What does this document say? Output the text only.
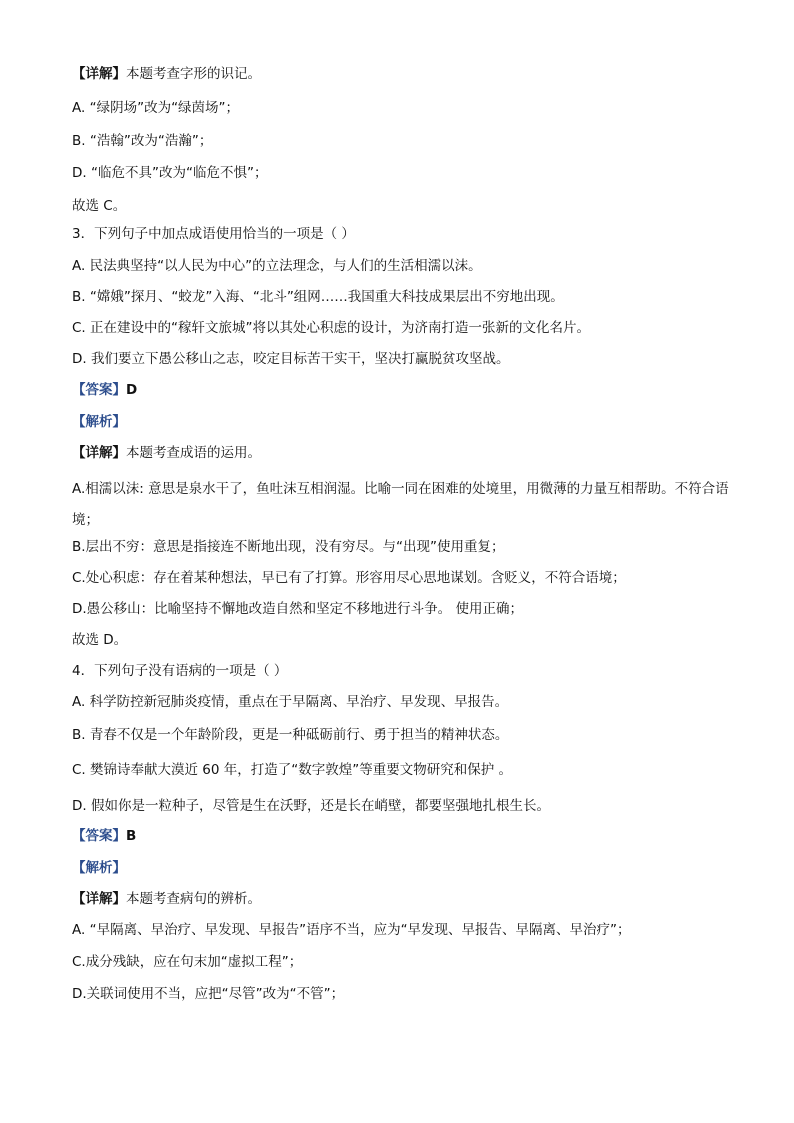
【详解】本题考查字形的识记。
A. “绿阴场”改为“绿茵场”；
B. “浩翰”改为“浩瀚”；
D. “临危不具”改为“临危不惧”；
故选 C。
3．下列句子中加点成语使用恰当的一项是（ ）
A. 民法典坚持“以人民为中心”的立法理念，与人们的生活相濡以沫。
B. “嫦娥”探月、“蛟龙”入海、“北斗”组网……我国重大科技成果层出不穷地出现。
C. 正在建设中的“稼轩文旅城”将以其处心积虑的设计，为济南打造一张新的文化名片。
D. 我们要立下愚公移山之志，咬定目标苦干实干，坚决打赢脱贫攻坚战。
【答案】D
【解析】
【详解】本题考查成语的运用。
A.相濡以沫: 意思是泉水干了，鱼吐沫互相润湿。比喻一同在困难的处境里，用微薄的力量互相帮助。不符合语境；
B.层出不穷：意思是指接连不断地出现，没有穷尽。与“出现”使用重复；
C.处心积虑：存在着某种想法，早已有了打算。形容用尽心思地谋划。含贬义，不符合语境；
D.愚公移山：比喻坚持不懈地改造自然和坚定不移地进行斗争。 使用正确；
故选 D。
4．下列句子没有语病的一项是（ ）
A. 科学防控新冠肺炎疫情，重点在于早隔离、早治疗、早发现、早报告。
B. 青春不仅是一个年龄阶段，更是一种砥砺前行、勇于担当的精神状态。
C. 樊锦诗奉献大漠近 60 年，打造了“数字敦煌”等重要文物研究和保护 。
D. 假如你是一粒种子，尽管是生在沃野，还是长在峭壁，都要坚强地扎根生长。
【答案】B
【解析】
【详解】本题考查病句的辨析。
A. “早隔离、早治疗、早发现、早报告”语序不当，应为“早发现、早报告、早隔离、早治疗”；
C.成分残缺，应在句末加“虚拟工程”；
D.关联词使用不当，应把“尽管”改为“不管”；
